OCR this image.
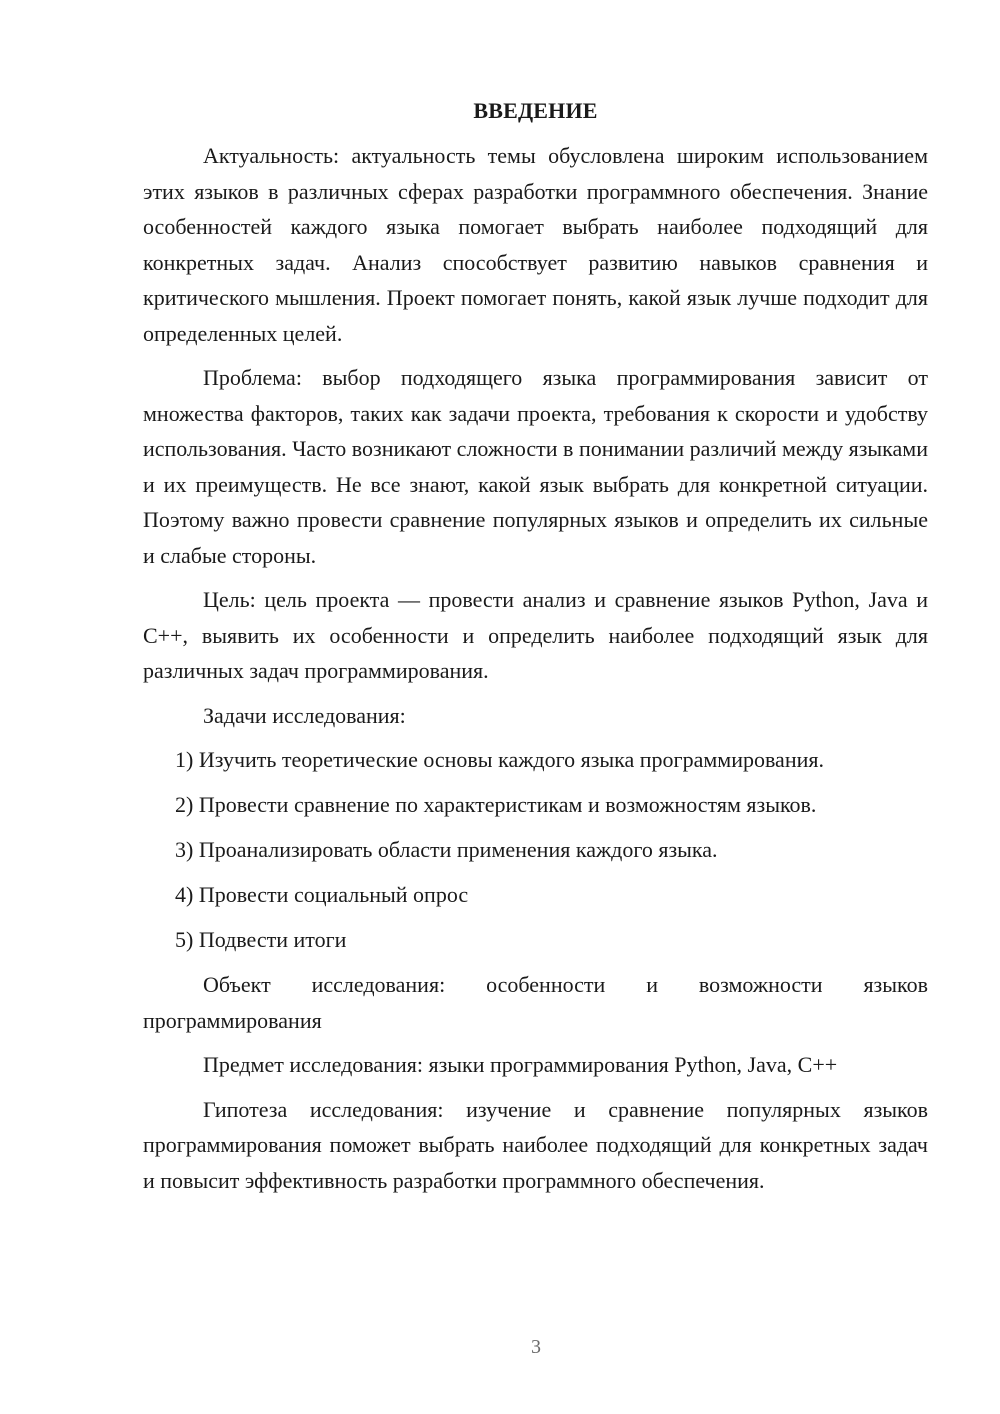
ВВЕДЕНИЕ

Актуальность: актуальность темы обусловлена широким использованием этих языков в различных сферах разработки программного обеспечения. Знание особенностей каждого языка помогает выбрать наиболее подходящий для конкретных задач. Анализ способствует развитию навыков сравнения и критического мышления. Проект помогает понять, какой язык лучше подходит для определенных целей.

Проблема: выбор подходящего языка программирования зависит от множества факторов, таких как задачи проекта, требования к скорости и удобству использования. Часто возникают сложности в понимании различий между языками и их преимуществ. Не все знают, какой язык выбрать для конкретной ситуации. Поэтому важно провести сравнение популярных языков и определить их сильные и слабые стороны.

Цель: цель проекта — провести анализ и сравнение языков Python, Java и C++, выявить их особенности и определить наиболее подходящий язык для различных задач программирования.

Задачи исследования:

1) Изучить теоретические основы каждого языка программирования.
2) Провести сравнение по характеристикам и возможностям языков.
3) Проанализировать области применения каждого языка.
4) Провести социальный опрос
5) Подвести итоги

Объект исследования: особенности и возможности языков программирования

Предмет исследования: языки программирования Python, Java, C++

Гипотеза исследования: изучение и сравнение популярных языков программирования поможет выбрать наиболее подходящий для конкретных задач и повысит эффективность разработки программного обеспечения.

3
